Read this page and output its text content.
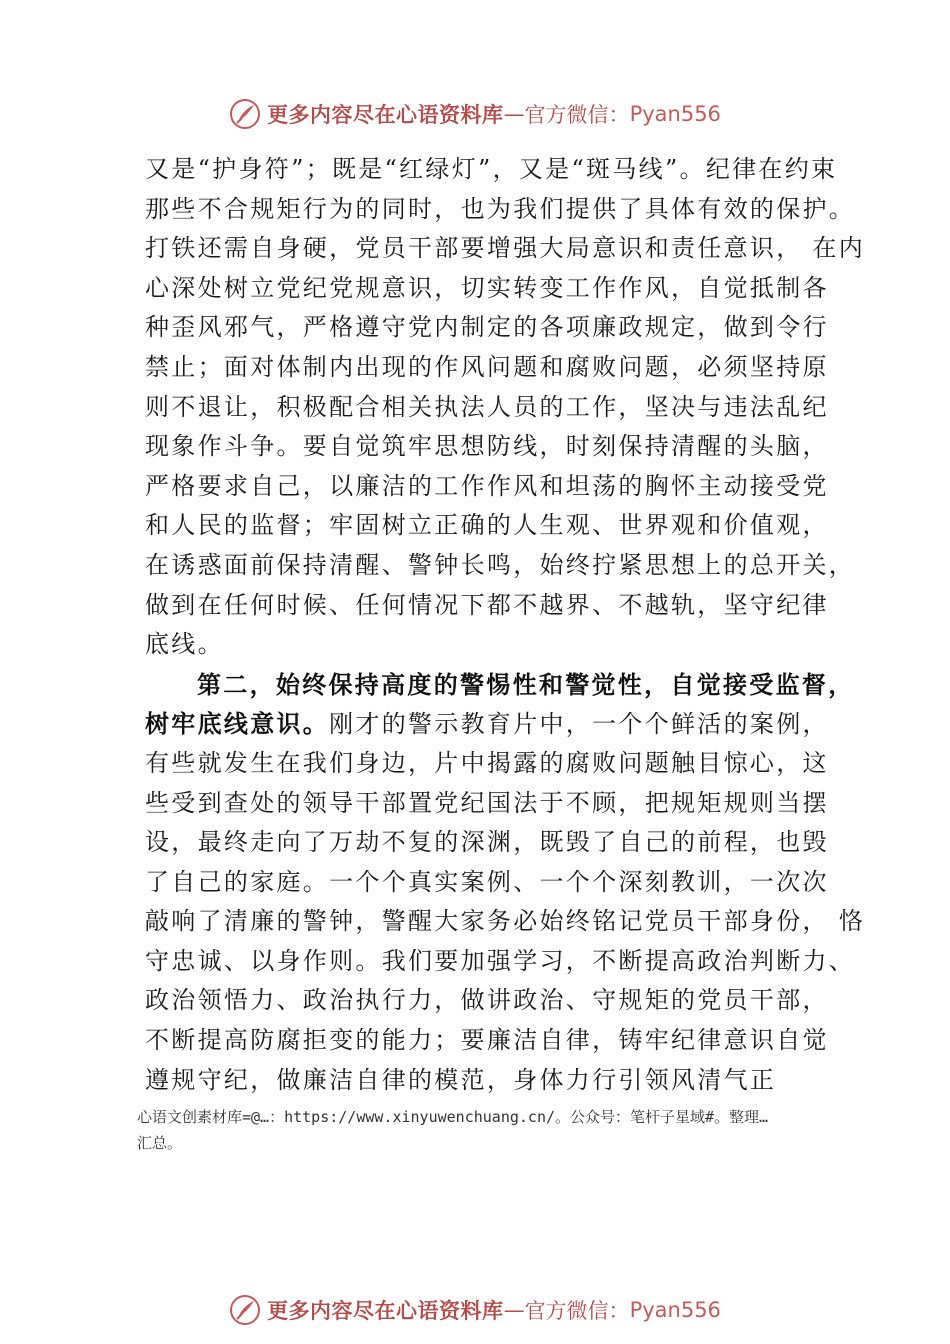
更多内容尽在心语资料库 — 官方微信： Pyan556
又是“护身符”；既是“红绿灯”，又是“斑马线”。纪律在约束
那些不合规矩行为的同时，也为我们提供了具体有效的保护。
打铁还需自身硬，党员干部要增强大局意识和责任意识， 在内
心深处树立党纪党规意识，切实转变工作作风，自觉抵制各
种歪风邪气，严格遵守党内制定的各项廉政规定，做到令行
禁止；面对体制内出现的作风问题和腐败问题，必须坚持原
则不退让，积极配合相关执法人员的工作，坚决与违法乱纪
现象作斗争。要自觉筑牢思想防线，时刻保持清醒的头脑，
严格要求自己，以廉洁的工作作风和坦荡的胸怀主动接受党
和人民的监督；牢固树立正确的人生观、世界观和价值观，
在诱惑面前保持清醒、警钟长鸣，始终拧紧思想上的总开关，
做到在任何时候、任何情况下都不越界、不越轨，坚守纪律
底线。
第二，始终保持高度的警惕性和警觉性，自觉接受监督，
树牢底线意识。刚才的警示教育片中，一个个鲜活的案例，
有些就发生在我们身边，片中揭露的腐败问题触目惊心，这
些受到查处的领导干部置党纪国法于不顾，把规矩规则当摆
设，最终走向了万劫不复的深渊，既毁了自己的前程，也毁
了自己的家庭。一个个真实案例、一个个深刻教训，一次次
敲响了清廉的警钟，警醒大家务必始终铭记党员干部身份， 恪
守忠诚、以身作则。我们要加强学习，不断提高政治判断力、
政治领悟力、政治执行力，做讲政治、守规矩的党员干部，
不断提高防腐拒变的能力；要廉洁自律，铸牢纪律意识自觉
遵规守纪，做廉洁自律的模范，身体力行引领风清气正
心语文创素材库=@…：https://www.xinyuwenchuang.cn/。公众号：笔杆子星域#。整理…
汇总。
更多内容尽在心语资料库 — 官方微信： Pyan556
